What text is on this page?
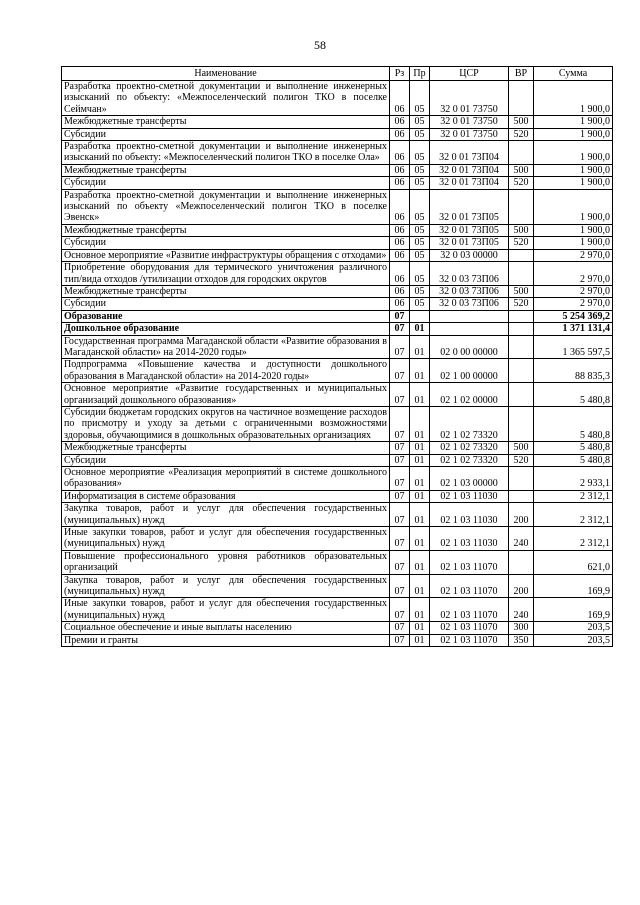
58
Наименование	Рз	Пр	ЦСР	ВР	Сумма
Разработка проектно-сметной документации и выполнение инженерных изысканий по объекту: «Межпоселенческий полигон ТКО в поселке Сеймчан»	06	05	32 0 01 73750		1 900,0
Межбюджетные трансферты	06	05	32 0 01 73750	500	1 900,0
Субсидии	06	05	32 0 01 73750	520	1 900,0
Разработка проектно-сметной документации и выполнение инженерных изысканий по объекту: «Межпоселенческий полигон ТКО в поселке Ола»	06	05	32 0 01 73П04		1 900,0
Межбюджетные трансферты	06	05	32 0 01 73П04	500	1 900,0
Субсидии	06	05	32 0 01 73П04	520	1 900,0
Разработка проектно-сметной документации и выполнение инженерных изысканий по объекту «Межпоселенческий полигон ТКО в поселке Эвенск»	06	05	32 0 01 73П05		1 900,0
Межбюджетные трансферты	06	05	32 0 01 73П05	500	1 900,0
Субсидии	06	05	32 0 01 73П05	520	1 900,0
Основное мероприятие «Развитие инфраструктуры обращения с отходами»	06	05	32 0 03 00000		2 970,0
Приобретение оборудования для термического уничтожения различного тип/вида отходов /утилизации отходов для городских округов	06	05	32 0 03 73П06		2 970,0
Межбюджетные трансферты	06	05	32 0 03 73П06	500	2 970,0
Субсидии	06	05	32 0 03 73П06	520	2 970,0
Образование	07				5 254 369,2
Дошкольное образование	07	01			1 371 131,4
Государственная программа Магаданской области «Развитие образования в Магаданской области» на 2014-2020 годы»	07	01	02 0 00 00000		1 365 597,5
Подпрограмма «Повышение качества и доступности дошкольного образования в Магаданской области» на 2014-2020 годы»	07	01	02 1 00 00000		88 835,3
Основное мероприятие «Развитие государственных и муниципальных организаций дошкольного образования»	07	01	02 1 02 00000		5 480,8
Субсидии бюджетам городских округов на частичное возмещение расходов по присмотру и уходу за детьми с ограниченными возможностями здоровья, обучающимися в дошкольных образовательных организациях	07	01	02 1 02 73320		5 480,8
Межбюджетные трансферты	07	01	02 1 02 73320	500	5 480,8
Субсидии	07	01	02 1 02 73320	520	5 480,8
Основное мероприятие «Реализация мероприятий в системе дошкольного образования»	07	01	02 1 03 00000		2 933,1
Информатизация в системе образования	07	01	02 1 03 11030		2 312,1
Закупка товаров, работ и услуг для обеспечения государственных (муниципальных) нужд	07	01	02 1 03 11030	200	2 312,1
Иные закупки товаров, работ и услуг для обеспечения государственных (муниципальных) нужд	07	01	02 1 03 11030	240	2 312,1
Повышение профессионального уровня работников образовательных организаций	07	01	02 1 03 11070		621,0
Закупка товаров, работ и услуг для обеспечения государственных (муниципальных) нужд	07	01	02 1 03 11070	200	169,9
Иные закупки товаров, работ и услуг для обеспечения государственных (муниципальных) нужд	07	01	02 1 03 11070	240	169,9
Социальное обеспечение и иные выплаты населению	07	01	02 1 03 11070	300	203,5
Премии и гранты	07	01	02 1 03 11070	350	203,5
